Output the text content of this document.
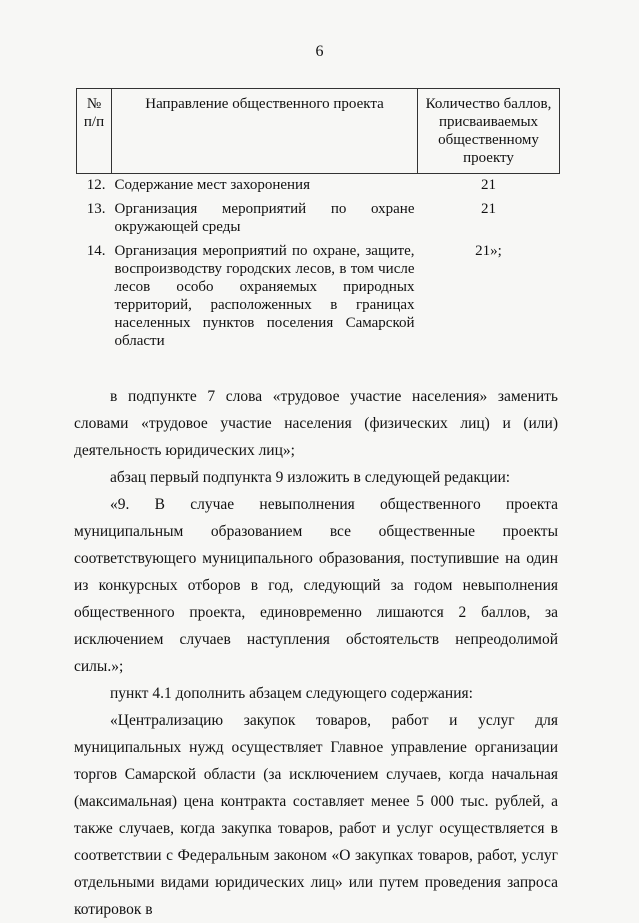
6
№ п/п	Направление общественного проекта	Количество баллов, присваиваемых общественному проекту
12.	Содержание мест захоронения	21
13.	Организация мероприятий по охране окружающей среды	21
14.	Организация мероприятий по охране, защите, воспроизводству городских лесов, в том числе лесов особо охраняемых природных территорий, расположенных в границах населенных пунктов поселения Самарской области	21»;

в подпункте 7 слова «трудовое участие населения» заменить словами «трудовое участие населения (физических лиц) и (или) деятельность юридических лиц»;

абзац первый подпункта 9 изложить в следующей редакции:

«9. В случае невыполнения общественного проекта муниципальным образованием все общественные проекты соответствующего муниципального образования, поступившие на один из конкурсных отборов в год, следующий за годом невыполнения общественного проекта, единовременно лишаются 2 баллов, за исключением случаев наступления обстоятельств непреодолимой силы.»;

пункт 4.1 дополнить абзацем следующего содержания:

«Централизацию закупок товаров, работ и услуг для муниципальных нужд осуществляет Главное управление организации торгов Самарской области (за исключением случаев, когда начальная (максимальная) цена контракта составляет менее 5 000 тыс. рублей, а также случаев, когда закупка товаров, работ и услуг осуществляется в соответствии с Федеральным законом «О закупках товаров, работ, услуг отдельными видами юридических лиц» или путем проведения запроса котировок в
